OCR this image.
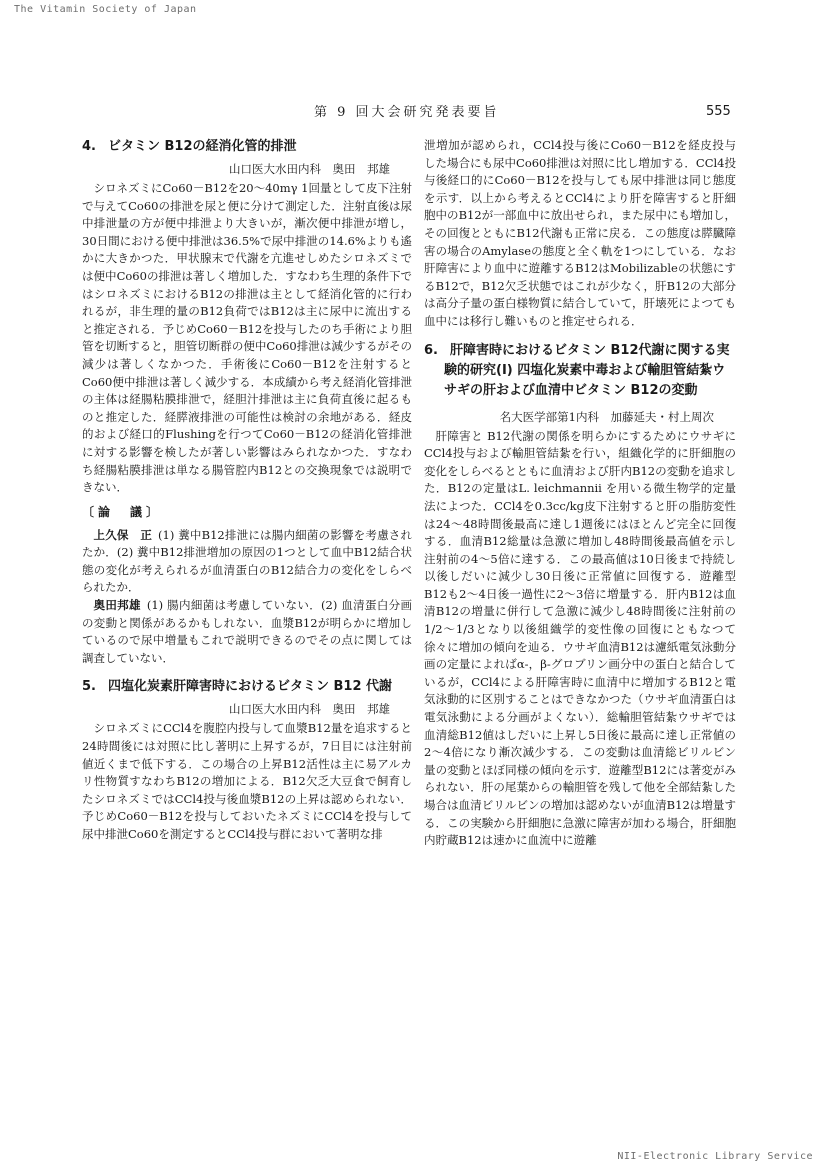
The Vitamin Society of Japan
第 9 回大会研究発表要旨	555
4. ビタミン B12の経消化管的排泄
山口医大水田内科　奥田　邦雄

シロネズミにCo60－B12を20～40mγ 1回量として皮下注射で与えてCo60の排泄を尿と便に分けて測定した．注射直後は尿中排泄量の方が便中排泄より大きいが，漸次便中排泄が増し，30日間における便中排泄は36.5%で尿中排泄の14.6%よりも遙かに大きかつた．甲状腺末で代謝を亢進せしめたシロネズミでは便中Co60の排泄は著しく増加した．すなわち生理的条件下ではシロネズミにおけるB12の排泄は主として経消化管的に行われるが，非生理的量のB12負荷ではB12は主に尿中に流出すると推定される．予じめCo60－B12を投与したのち手術により胆管を切断すると，胆管切断群の便中Co60排泄は減少するがその減少は著しくなかつた．手術後にCo60－B12を注射するとCo60便中排泄は著しく減少する．本成績から考え経消化管排泄の主体は経腸粘膜排泄で，経胆汁排泄は主に負荷直後に起るものと推定した．経膵液排泄の可能性は検討の余地がある．経皮的および経口的Flushingを行つてCo60－B12の経消化管排泄に対する影響を検したが著しい影響はみられなかつた．すなわち経腸粘膜排泄は単なる腸管腔内B12との交換現象では説明できない．

〔論　議〕

上久保　正 (1) 糞中B12排泄には腸内細菌の影響を考慮されたか．(2) 糞中B12排泄増加の原因の1つとして血中B12結合状態の変化が考えられるが血清蛋白のB12結合力の変化をしらべられたか．

奥田邦雄 (1) 腸内細菌は考慮していない．(2) 血清蛋白分画の変動と関係があるかもしれない．血漿B12が明らかに増加しているので尿中増量もこれで説明できるのでその点に関しては調査していない．

5. 四塩化炭素肝障害時におけるビタミン B12 代謝
山口医大水田内科　奥田　邦雄

シロネズミにCCl4を腹腔内投与して血漿B12量を追求すると24時間後には対照に比し著明に上昇するが，7日目には注射前値近くまで低下する．この場合の上昇B12活性は主に易アルカリ性物質すなわちB12の増加による．B12欠乏大豆食で飼育したシロネズミではCCl4投与後血漿B12の上昇は認められない．予じめCo60－B12を投与しておいたネズミにCCl4を投与して尿中排泄Co60を測定するとCCl4投与群において著明な排

泄増加が認められ，CCl4投与後にCo60－B12を経皮投与した場合にも尿中Co60排泄は対照に比し増加する．CCl4投与後経口的にCo60－B12を投与しても尿中排泄は同じ態度を示す．以上から考えるとCCl4により肝を障害すると肝細胞中のB12が一部血中に放出せられ，また尿中にも増加し，その回復とともにB12代謝も正常に戻る．この態度は膵臓障害の場合のAmylaseの態度と全く軌を1つにしている．なお肝障害により血中に遊離するB12はMobilizableの状態にするB12で，B12欠乏状態ではこれが少なく，肝B12の大部分は高分子量の蛋白様物質に結合していて，肝壊死によつても血中には移行し難いものと推定せられる．

6. 肝障害時におけるビタミン B12代謝に関する実験的研究(I) 四塩化炭素中毒および輸胆管結紮ウサギの肝および血清中ビタミン B12の変動
名大医学部第1内科　加藤延夫・村上周次

肝障害と B12代謝の関係を明らかにするためにウサギにCCl4投与および輸胆管結紮を行い，組織化学的に肝細胞の変化をしらべるとともに血清および肝内B12の変動を追求した．B12の定量はL. leichmannii を用いる微生物学的定量法によつた．CCl4を0.3cc/kg皮下注射すると肝の脂肪変性は24～48時間後最高に達し1週後にはほとんど完全に回復する．血清B12総量は急激に増加し48時間後最高値を示し注射前の4～5倍に達する．この最高値は10日後まで持続し以後しだいに減少し30日後に正常値に回復する．遊離型B12も2～4日後一過性に2～3倍に増量する．肝内B12は血清B12の増量に併行して急激に減少し48時間後に注射前の1/2～1/3となり以後組織学的変性像の回復にともなつて徐々に増加の傾向を辿る．ウサギ血清B12は濾紙電気泳動分画の定量によればα-，β-グロブリン画分中の蛋白と結合しているが，CCl4による肝障害時に血清中に増加するB12と電気泳動的に区別することはできなかつた（ウサギ血清蛋白は電気泳動による分画がよくない）．総輸胆管結紮ウサギでは血清総B12値はしだいに上昇し5日後に最高に達し正常値の2～4倍になり漸次減少する．この変動は血清総ビリルビン量の変動とほぼ同様の傾向を示す．遊離型B12には著変がみられない．肝の尾葉からの輸胆管を残して他を全部結紮した場合は血清ビリルビンの増加は認めないが血清B12は増量する．この実験から肝細胞に急激に障害が加わる場合，肝細胞内貯蔵B12は速かに血流中に遊離

NII-Electronic Library Service
